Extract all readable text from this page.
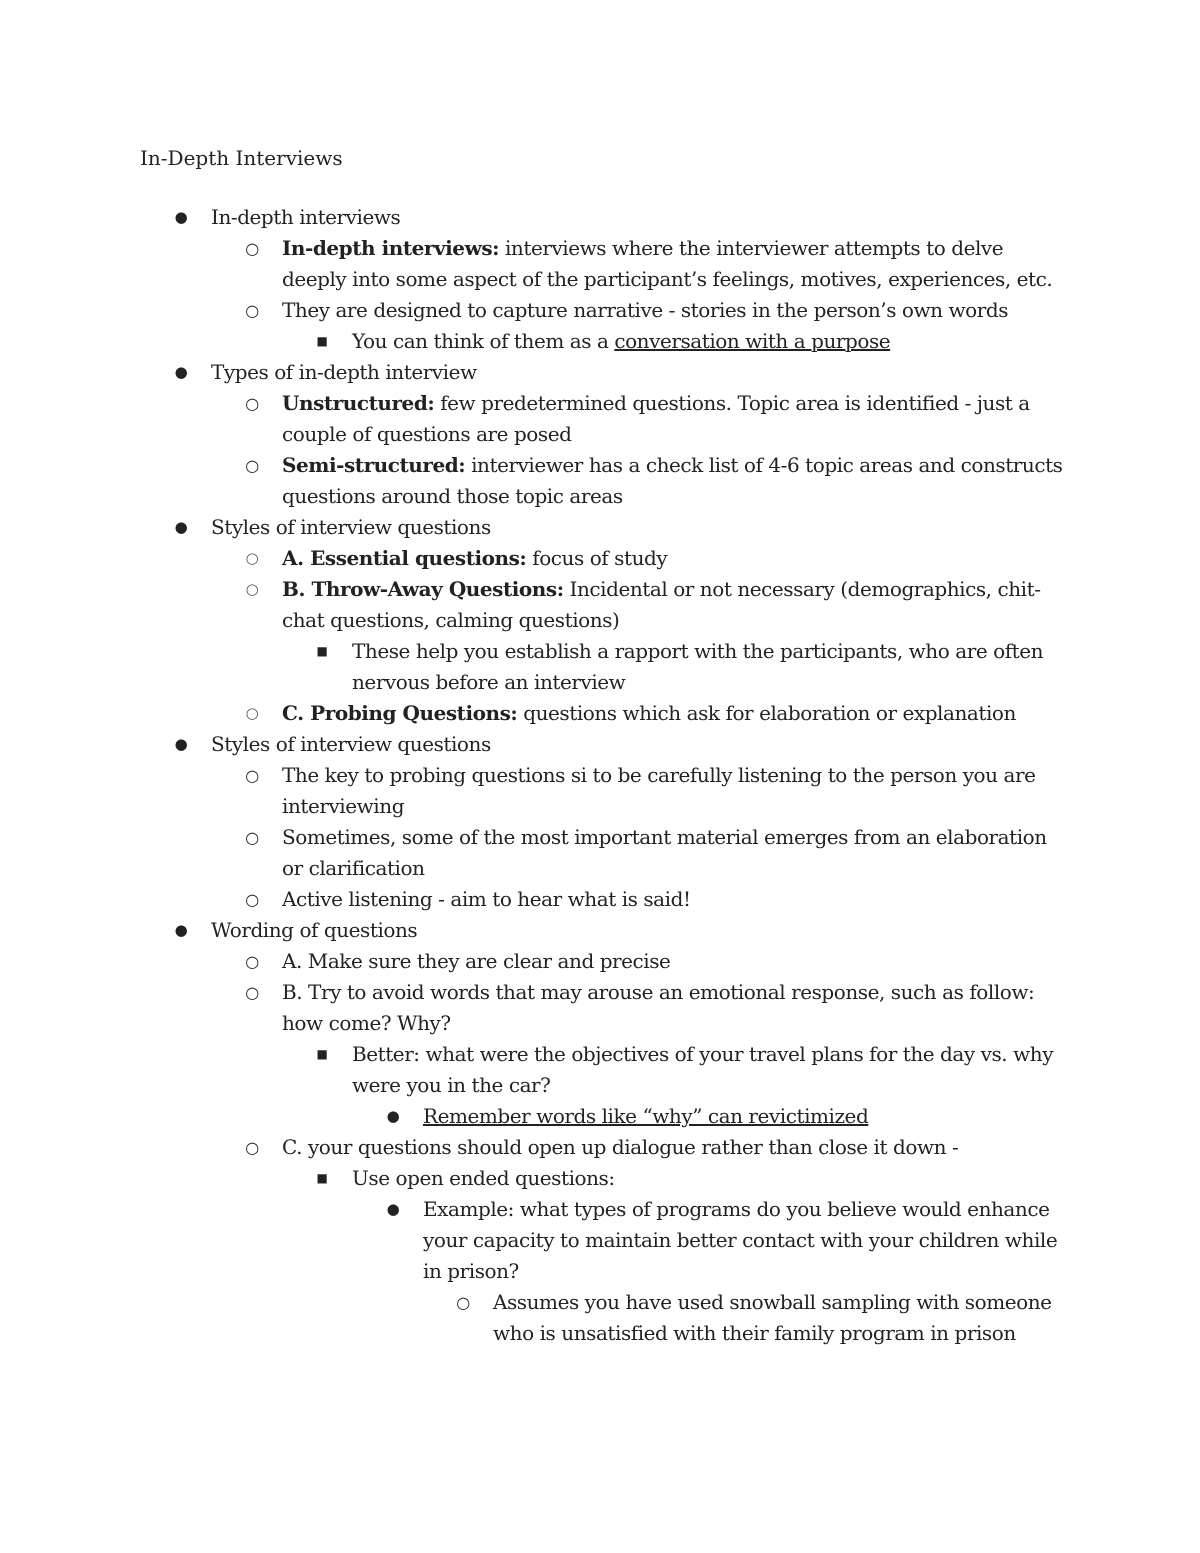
In-Depth Interviews
● In-depth interviews
○ In-depth interviews: interviews where the interviewer attempts to delve deeply into some aspect of the participant’s feelings, motives, experiences, etc.
○ They are designed to capture narrative - stories in the person’s own words
■	You can think of them as a conversation with a purpose
● Types of in-depth interview
○ Unstructured: few predetermined questions. Topic area is identified - just a couple of questions are posed
○ Semi-structured: interviewer has a check list of 4-6 topic areas and constructs questions around those topic areas
● Styles of interview questions
○ A. Essential questions: focus of study
○ B. Throw-Away Questions: Incidental or not necessary (demographics, chit-chat questions, calming questions)
■	These help you establish a rapport with the participants, who are often nervous before an interview
○ C. Probing Questions: questions which ask for elaboration or explanation
● Styles of interview questions
○ The key to probing questions si to be carefully listening to the person you are interviewing
○ Sometimes, some of the most important material emerges from an elaboration or clarification
○ Active listening - aim to hear what is said!
● Wording of questions
○ A. Make sure they are clear and precise
○ B. Try to avoid words that may arouse an emotional response, such as follow: how come? Why?
■	Better: what were the objectives of your travel plans for the day vs. why were you in the car?
● Remember words like “why” can revictimized
○ C. your questions should open up dialogue rather than close it down -
■	Use open ended questions:
● Example: what types of programs do you believe would enhance your capacity to maintain better contact with your children while in prison?
○ Assumes you have used snowball sampling with someone who is unsatisfied with their family program in prison
